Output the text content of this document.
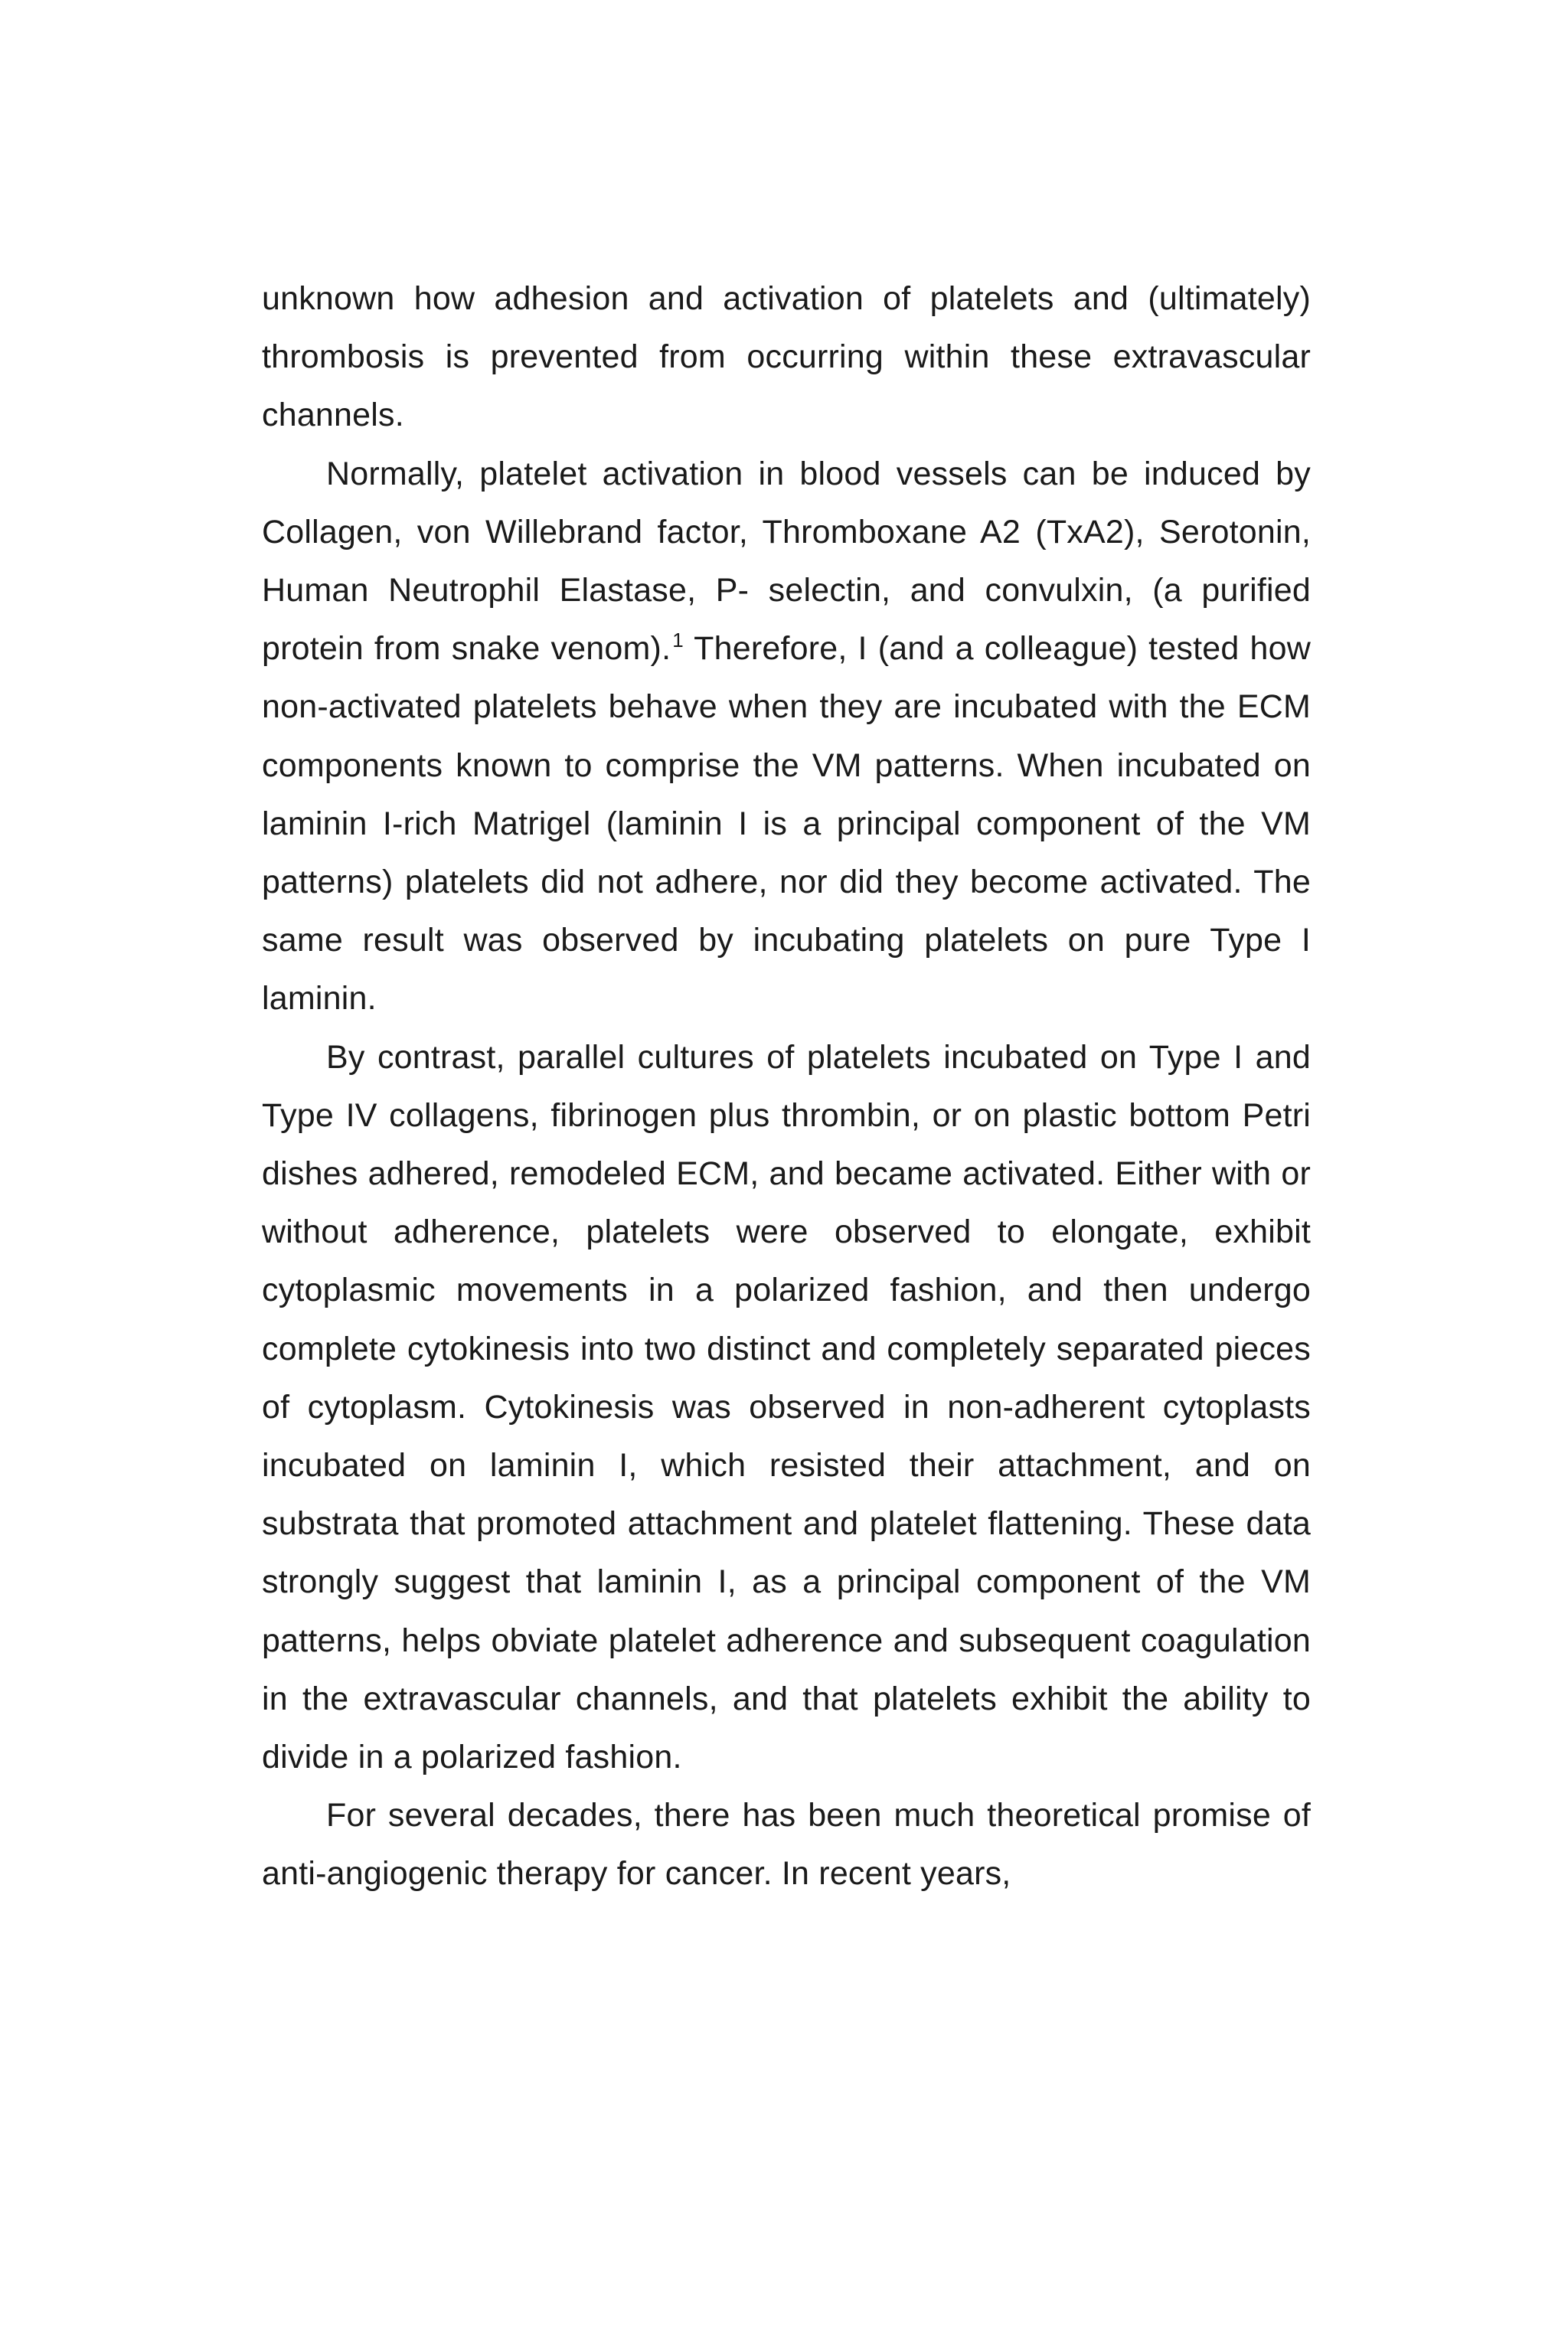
unknown how adhesion and activation of platelets and (ultimately) thrombosis is prevented from occurring within these extravascular channels.

Normally, platelet activation in blood vessels can be induced by Collagen, von Willebrand factor, Thromboxane A2 (TxA2), Serotonin, Human Neutrophil Elastase, P- selectin, and convulxin, (a purified protein from snake venom).$^1$ Therefore, I (and a colleague) tested how non-activated platelets behave when they are incubated with the ECM components known to comprise the VM patterns. When incubated on laminin I-rich Matrigel (laminin I is a principal component of the VM patterns) platelets did not adhere, nor did they become activated. The same result was observed by incubating platelets on pure Type I laminin.

By contrast, parallel cultures of platelets incubated on Type I and Type IV collagens, fibrinogen plus thrombin, or on plastic bottom Petri dishes adhered, remodeled ECM, and became activated. Either with or without adherence, platelets were observed to elongate, exhibit cytoplasmic movements in a polarized fashion, and then undergo complete cytokinesis into two distinct and completely separated pieces of cytoplasm. Cytokinesis was observed in non-adherent cytoplasts incubated on laminin I, which resisted their attachment, and on substrata that promoted attachment and platelet flattening. These data strongly suggest that laminin I, as a principal component of the VM patterns, helps obviate platelet adherence and subsequent coagulation in the extravascular channels, and that platelets exhibit the ability to divide in a polarized fashion.

For several decades, there has been much theoretical promise of anti-angiogenic therapy for cancer. In recent years,
